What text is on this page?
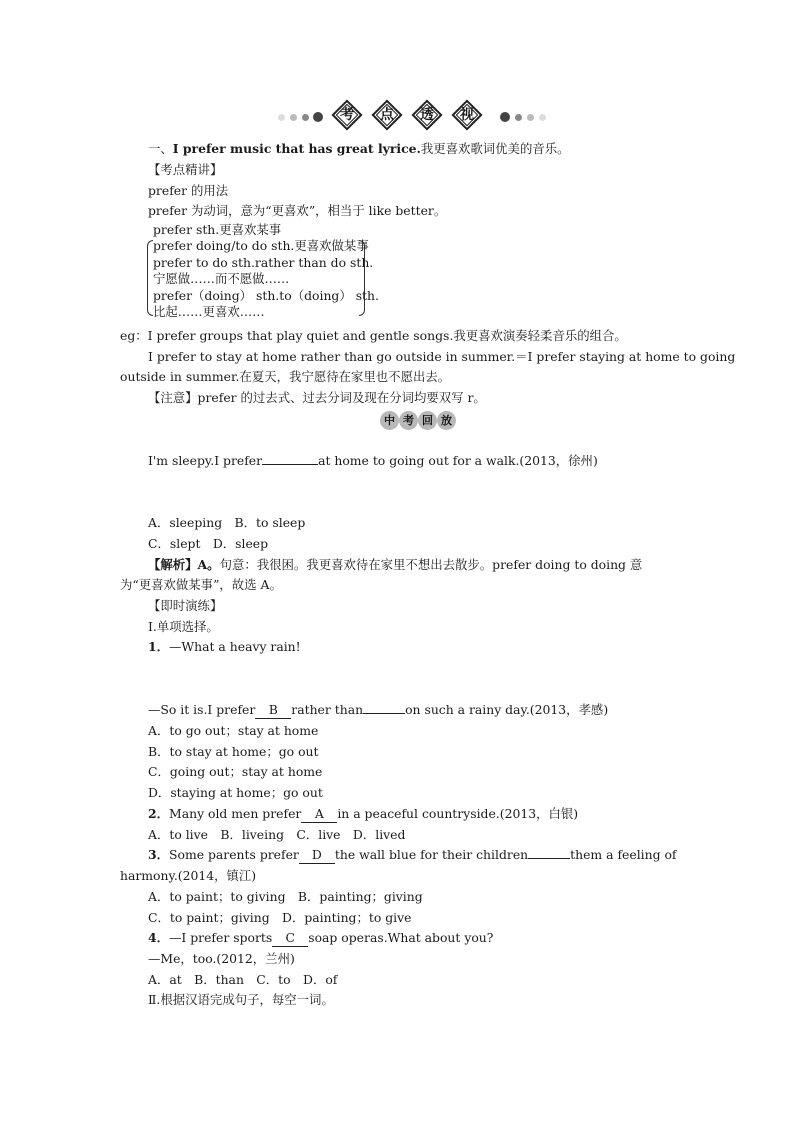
考	点	透	视
一、I prefer music that has great lyrice.我更喜欢歌词优美的音乐。
【考点精讲】
prefer 的用法
prefer 为动词，意为“更喜欢”，相当于 like better。
prefer sth.更喜欢某事
prefer doing/to do sth.更喜欢做某事
prefer to do sth.rather than do sth.
宁愿做……而不愿做……
prefer（doing） sth.to（doing） sth.
比起……更喜欢……
eg：I prefer groups that play quiet and gentle songs.我更喜欢演奏轻柔音乐的组合。
I prefer to stay at home rather than go outside in summer.＝I prefer staying at home to going
outside in summer.在夏天，我宁愿待在家里也不愿出去。
【注意】prefer 的过去式、过去分词及现在分词均要双写 r。
中 考 回 放
I'm sleepy.I prefer	at home to going out for a walk.(2013，徐州)
A．sleeping　B．to sleep
C．slept　D．sleep
【解析】A。句意：我很困。我更喜欢待在家里不想出去散步。prefer doing to doing 意
为“更喜欢做某事”，故选 A。
【即时演练】
Ⅰ.单项选择。
1．—What a heavy rain!
—So it is.I prefer B rather than	on such a rainy day.(2013，孝感)
A．to go out；stay at home
B．to stay at home；go out
C．going out；stay at home
D．staying at home；go out
2．Many old men prefer A in a peaceful countryside.(2013，白银)
A．to live　B．liveing　C．live　D．lived
3．Some parents prefer D the wall blue for their children	them a feeling of
harmony.(2014，镇江)
A．to paint；to giving　B．painting；giving
C．to paint；giving　D．painting；to give
4．—I prefer sports C soap operas.What about you?
—Me，too.(2012，兰州)
A．at　B．than　C．to　D．of
Ⅱ.根据汉语完成句子，每空一词。
